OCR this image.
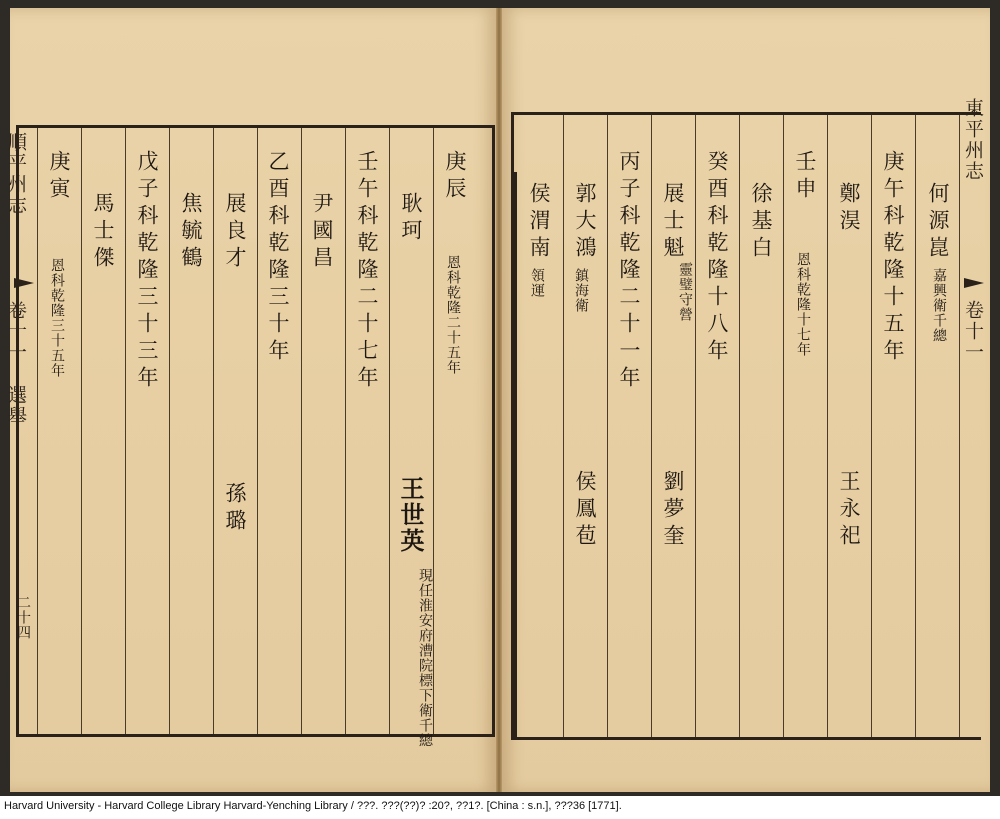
順平州志
卷十一
選舉
二十四
庚辰
恩科乾隆二十五年
耿珂
王世英
現任淮安府漕院標下衛千總
壬午科乾隆二十七年
尹國昌
乙酉科乾隆三十年
展良才
孫璐
焦毓鶴
戊子科乾隆三十三年
馬士傑
庚寅
恩科乾隆三十五年
東平州志
卷十一
何源崑
嘉興衛千總
庚午科乾隆十五年
鄭淏
王永祀
壬申
恩科乾隆十七年
徐基白
癸酉科乾隆十八年
展士魁
靈璧守營
劉夢奎
丙子科乾隆二十一年
郭大鴻
鎮海衛
侯鳳苞
侯渭南
領運
Harvard University - Harvard College Library Harvard-Yenching Library / ???. ???(??)? :20?, ??1?. [China : s.n.], ???36 [1771].
